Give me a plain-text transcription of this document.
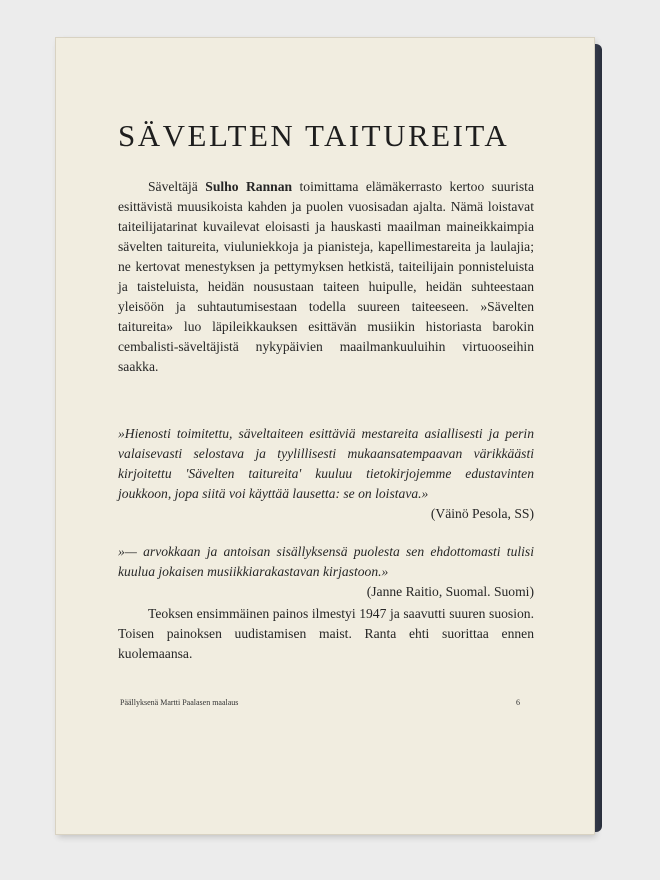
SÄVELTEN TAITUREITA

Säveltäjä Sulho Rannan toimittama elämäkerrasto kertoo suurista esittävistä muusikoista kahden ja puolen vuosisadan ajalta. Nämä loistavat taiteilijatarinat kuvailevat eloisasti ja hauskasti maailman maineikkaimpia sävelten taitureita, viuluniekkoja ja pianisteja, kapellimestareita ja laulajia; ne kertovat menestyksen ja pettymyksen hetkistä, taiteilijain ponnisteluista ja taisteluista, heidän nousustaan taiteen huipulle, heidän suhteestaan yleisöön ja suhtautumisestaan todella suureen taiteeseen. »Sävelten taitureita» luo läpileikkauksen esittävän musiikin historiasta barokin cembalisti-säveltäjistä nykypäivien maailmankuuluihin virtuooseihin saakka.

»Hienosti toimitettu, säveltaiteen esittäviä mestareita asiallisesti ja perin valaisevasti selostava ja tyylillisesti mukaansatempaavan värikkäästi kirjoitettu 'Sävelten taitureita' kuuluu tietokirjojemme edustavinten joukkoon, jopa siitä voi käyttää lausetta: se on loistava.»

(Väinö Pesola, SS)

»— arvokkaan ja antoisan sisällyksensä puolesta sen ehdottomasti tulisi kuulua jokaisen musiikkiarakastavan kirjastoon.»

(Janne Raitio, Suomal. Suomi)

Teoksen ensimmäinen painos ilmestyi 1947 ja saavutti suuren suosion. Toisen painoksen uudistamisen maist. Ranta ehti suorittaa ennen kuolemaansa.

Päällyksenä Martti Paalasen maalaus	6
